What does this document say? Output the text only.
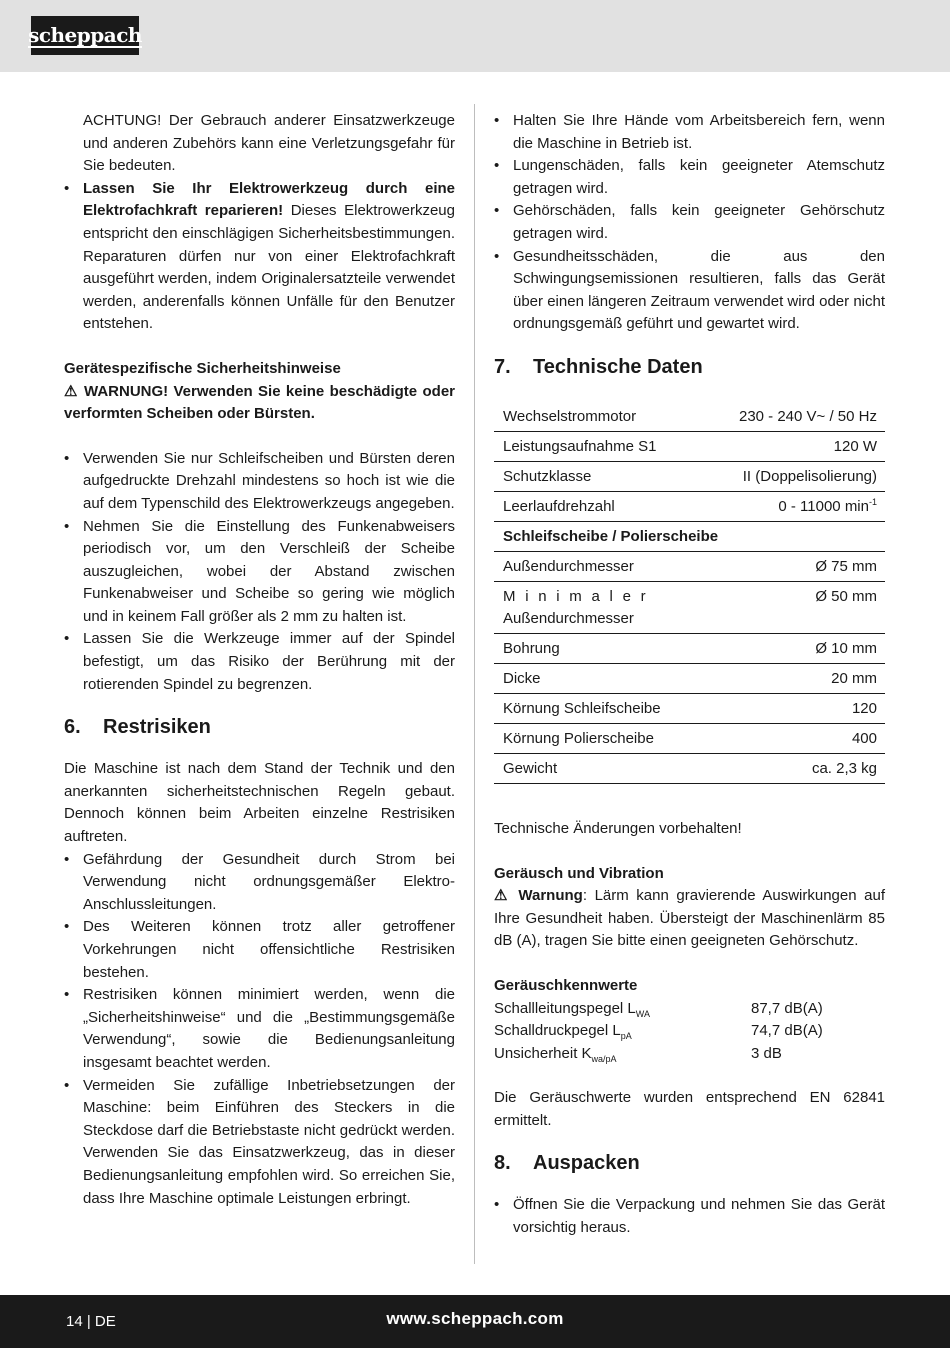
scheppach

ACHTUNG! Der Gebrauch anderer Einsatzwerkzeuge und anderen Zubehörs kann eine Verletzungsgefahr für Sie bedeuten.

• Lassen Sie Ihr Elektrowerkzeug durch eine Elektrofachkraft reparieren! Dieses Elektrowerkzeug entspricht den einschlägigen Sicherheitsbestimmungen. Reparaturen dürfen nur von einer Elektrofachkraft ausgeführt werden, indem Originalersatzteile verwendet werden, anderenfalls können Unfälle für den Benutzer entstehen.

Gerätespezifische Sicherheitshinweise

⚠ WARNUNG! Verwenden Sie keine beschädigte oder verformten Scheiben oder Bürsten.

• Verwenden Sie nur Schleifscheiben und Bürsten deren aufgedruckte Drehzahl mindestens so hoch ist wie die auf dem Typenschild des Elektrowerkzeugs angegeben.
• Nehmen Sie die Einstellung des Funkenabweisers periodisch vor, um den Verschleiß der Scheibe auszugleichen, wobei der Abstand zwischen Funkenabweiser und Scheibe so gering wie möglich und in keinem Fall größer als 2 mm zu halten ist.
• Lassen Sie die Werkzeuge immer auf der Spindel befestigt, um das Risiko der Berührung mit der rotierenden Spindel zu begrenzen.
6.	Restrisiken

Die Maschine ist nach dem Stand der Technik und den anerkannten sicherheitstechnischen Regeln gebaut. Dennoch können beim Arbeiten einzelne Restrisiken auftreten.

• Gefährdung der Gesundheit durch Strom bei Verwendung nicht ordnungsgemäßer Elektro-Anschlussleitungen.
• Des Weiteren können trotz aller getroffener Vorkehrungen nicht offensichtliche Restrisiken bestehen.
• Restrisiken können minimiert werden, wenn die „Sicherheitshinweise“ und die „Bestimmungsgemäße Verwendung“, sowie die Bedienungsanleitung insgesamt beachtet werden.
• Vermeiden Sie zufällige Inbetriebsetzungen der Maschine: beim Einführen des Steckers in die Steckdose darf die Betriebstaste nicht gedrückt werden. Verwenden Sie das Einsatzwerkzeug, das in dieser Bedienungsanleitung empfohlen wird. So erreichen Sie, dass Ihre Maschine optimale Leistungen erbringt.
• Halten Sie Ihre Hände vom Arbeitsbereich fern, wenn die Maschine in Betrieb ist.
• Lungenschäden, falls kein geeigneter Atemschutz getragen wird.
• Gehörschäden, falls kein geeigneter Gehörschutz getragen wird.
• Gesundheitsschäden, die aus den Schwingungsemissionen resultieren, falls das Gerät über einen längeren Zeitraum verwendet wird oder nicht ordnungsgemäß geführt und gewartet wird.
7.	Technische Daten
Wechselstrommotor	230 - 240 V~ / 50 Hz
Leistungsaufnahme S1	120 W
Schutzklasse	II (Doppelisolierung)
Leerlaufdrehzahl	0 - 11000 $\min^{-1}$
Schleifscheibe / Polierscheibe	
Außendurchmesser	Ø 75 mm
Minimaler
Außendurchmesser	Ø 50 mm
Bohrung	Ø 10 mm
Dicke	20 mm
Körnung Schleifscheibe	120
Körnung Polierscheibe	400
Gewicht	ca. 2,3 kg

Technische Änderungen vorbehalten!

Geräusch und Vibration

⚠ Warnung: Lärm kann gravierende Auswirkungen auf Ihre Gesundheit haben. Übersteigt der Maschinenlärm 85 dB (A), tragen Sie bitte einen geeigneten Gehörschutz.

Geräuschkennwerte

Schallleitungspegel $L_{WA}$	87,7 dB(A)
Schalldruckpegel $L_{pA}$	74,7 dB(A)
Unsicherheit $K_{wa/pA}$	3 dB

Die Geräuschwerte wurden entsprechend EN 62841 ermittelt.

8.	Auspacken
• Öffnen Sie die Verpackung und nehmen Sie das Gerät vorsichtig heraus.
14 | DE	www.scheppach.com
